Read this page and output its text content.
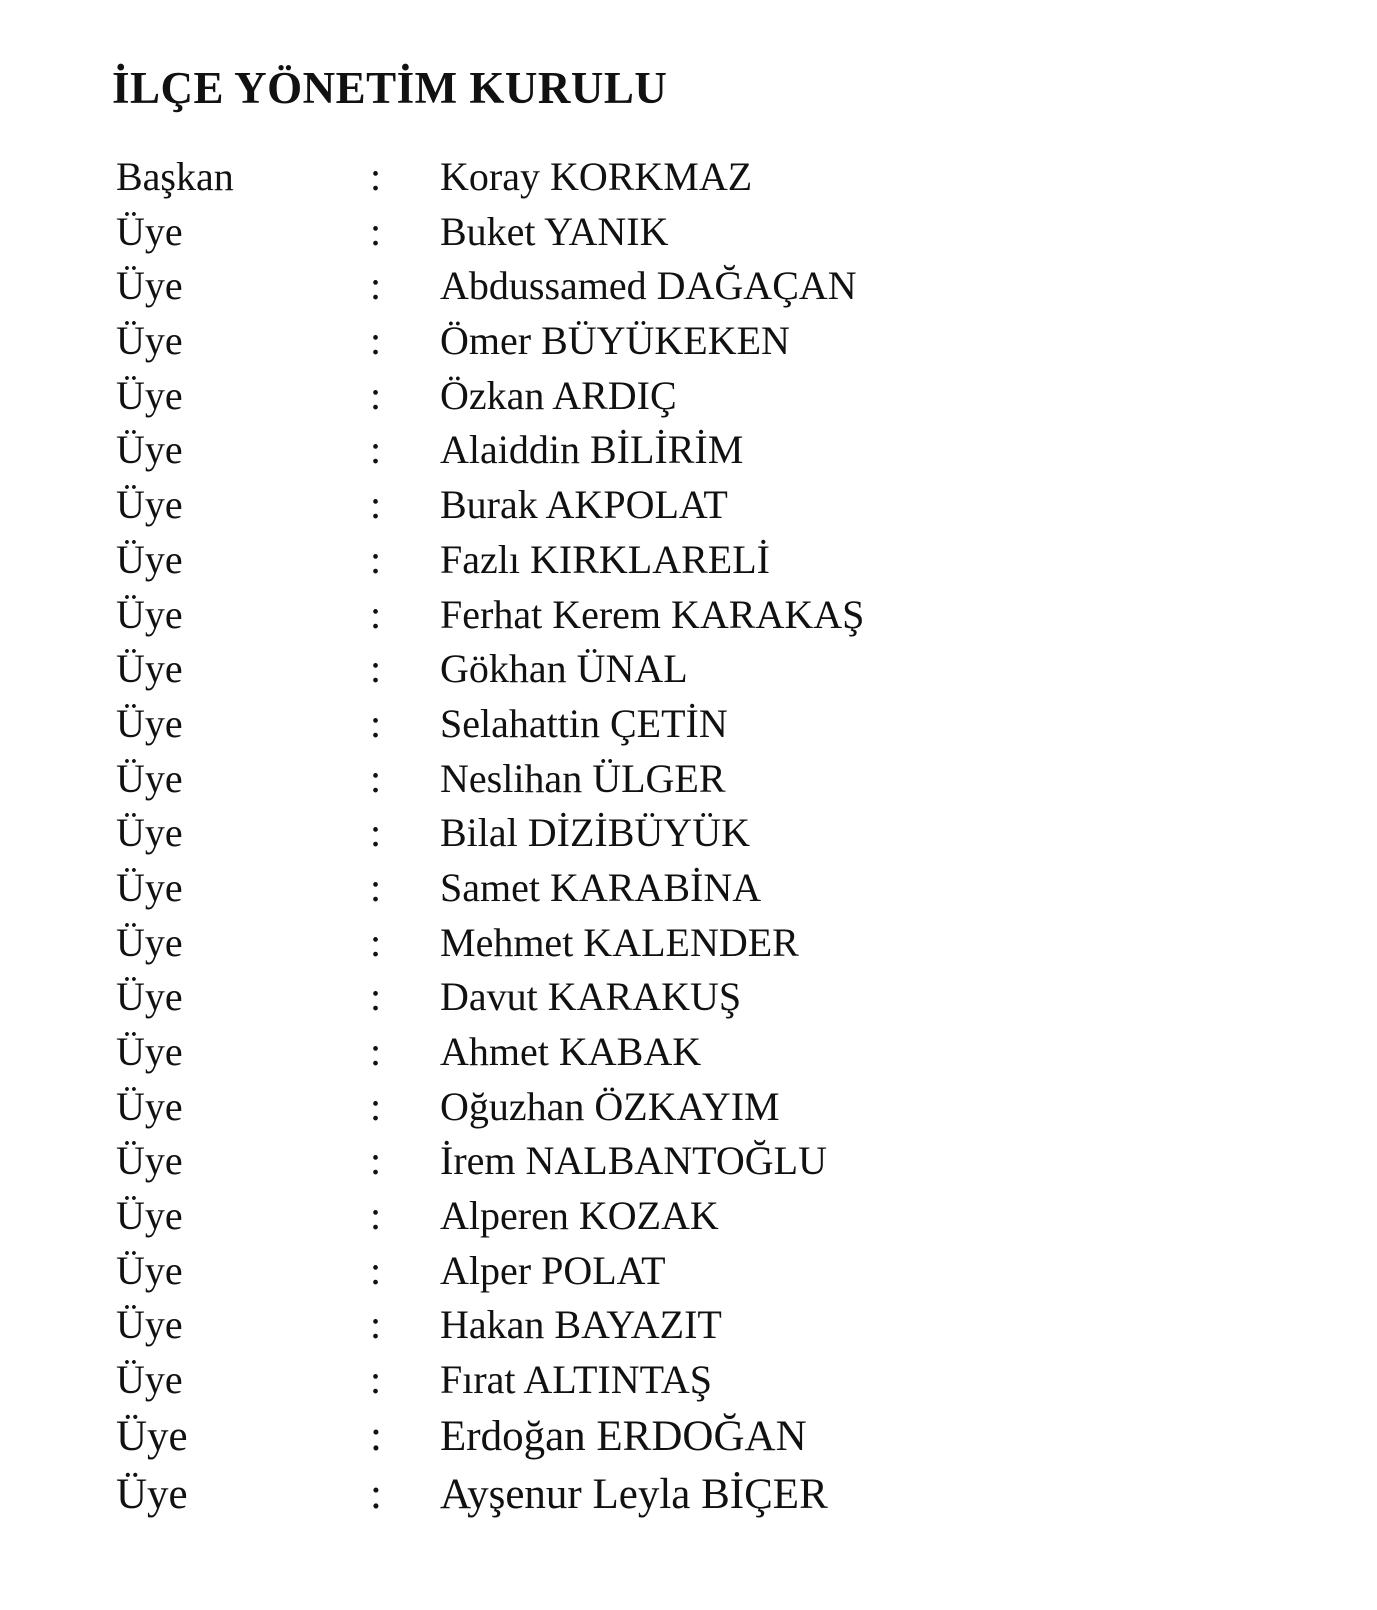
İLÇE YÖNETİM KURULU
Başkan	: Koray KORKMAZ
Üye	: Buket YANIK
Üye	: Abdussamed DAĞAÇAN
Üye	: Ömer BÜYÜKEKEN
Üye	: Özkan ARDIÇ
Üye	: Alaiddin BİLİRİM
Üye	: Burak AKPOLAT
Üye	: Fazlı KIRKLARELİ
Üye	: Ferhat Kerem KARAKAŞ
Üye	: Gökhan ÜNAL
Üye	: Selahattin ÇETİN
Üye	: Neslihan ÜLGER
Üye	: Bilal DİZİBÜYÜK
Üye	: Samet KARABİNA
Üye	: Mehmet KALENDER
Üye	: Davut KARAKUŞ
Üye	: Ahmet KABAK
Üye	: Oğuzhan ÖZKAYIM
Üye	: İrem NALBANTOĞLU
Üye	: Alperen KOZAK
Üye	: Alper POLAT
Üye	: Hakan BAYAZIT
Üye	: Fırat ALTINTAŞ
Üye	: Erdoğan ERDOĞAN
Üye	: Ayşenur Leyla BİÇER
